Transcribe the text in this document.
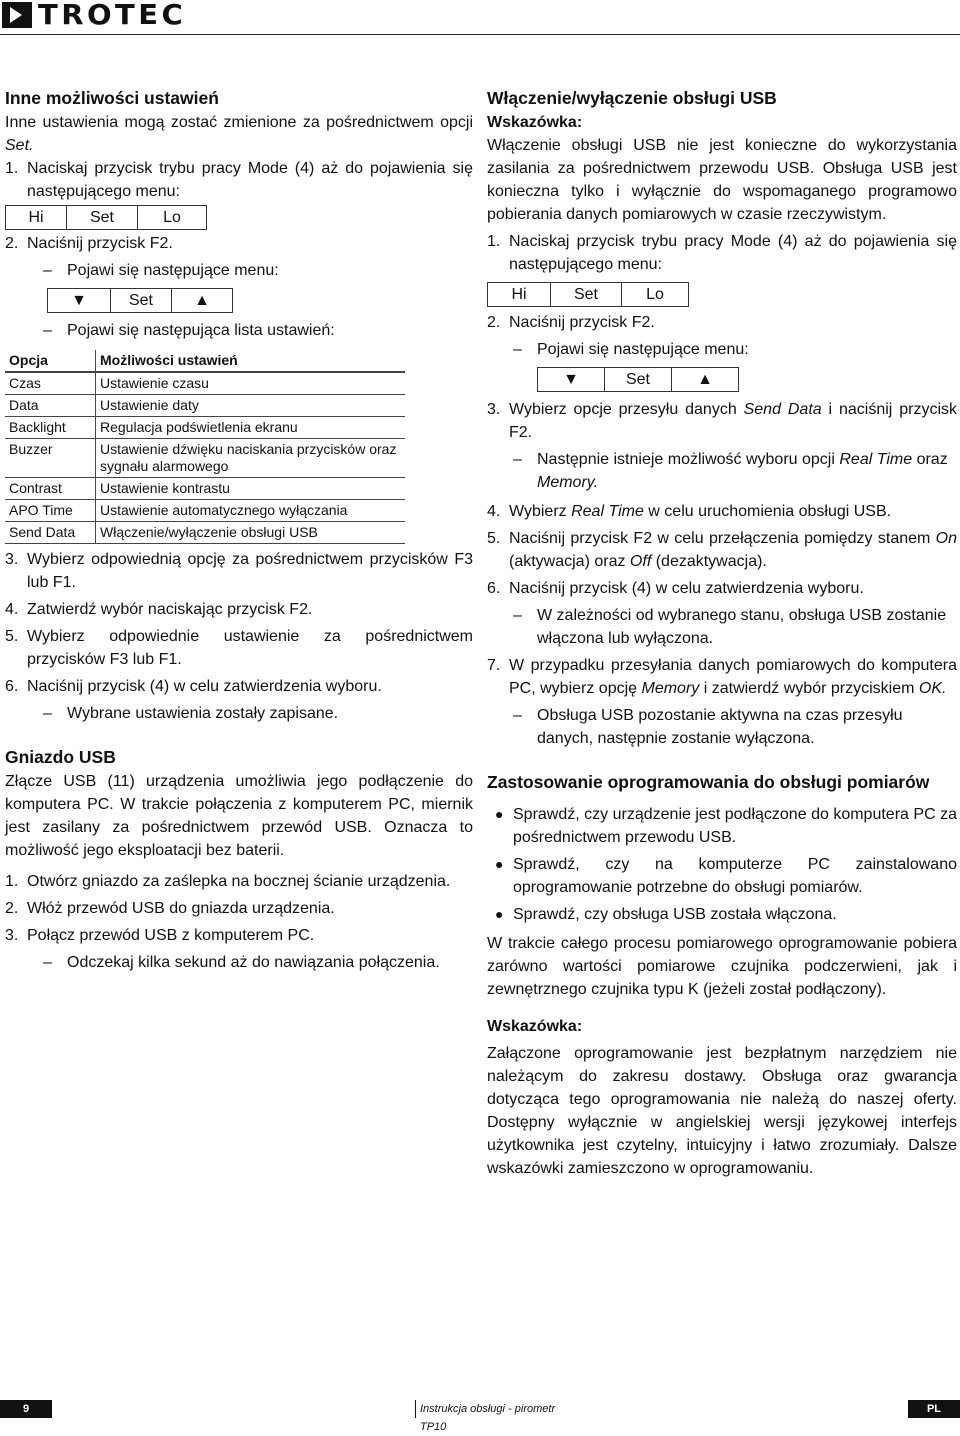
TROTEC
Inne możliwości ustawień

Inne ustawienia mogą zostać zmienione za pośrednictwem opcji Set.

1. Naciskaj przycisk trybu pracy Mode (4) aż do pojawienia się następującego menu:
Hi	Set	Lo
2. Naciśnij przycisk F2.
– Pojawi się następujące menu:
▼	Set	▲
– Pojawi się następująca lista ustawień:
Opcja	Możliwości ustawień
Czas	Ustawienie czasu
Data	Ustawienie daty
Backlight	Regulacja podświetlenia ekranu
Buzzer	Ustawienie dźwięku naciskania przycisków oraz sygnału alarmowego
Contrast	Ustawienie kontrastu
APO Time	Ustawienie automatycznego wyłączania
Send Data	Włączenie/wyłączenie obsługi USB
3. Wybierz odpowiednią opcję za pośrednictwem przycisków F3 lub F1.
4. Zatwierdź wybór naciskając przycisk F2.
5. Wybierz odpowiednie ustawienie za pośrednictwem przycisków F3 lub F1.
6. Naciśnij przycisk (4) w celu zatwierdzenia wyboru.
– Wybrane ustawienia zostały zapisane.
Gniazdo USB

Złącze USB (11) urządzenia umożliwia jego podłączenie do komputera PC. W trakcie połączenia z komputerem PC, miernik jest zasilany za pośrednictwem przewód USB. Oznacza to możliwość jego eksploatacji bez baterii.

1. Otwórz gniazdo za zaślepka na bocznej ścianie urządzenia.
2. Włóż przewód USB do gniazda urządzenia.
3. Połącz przewód USB z komputerem PC.
– Odczekaj kilka sekund aż do nawiązania połączenia.
Włączenie/wyłączenie obsługi USB
Wskazówka:

Włączenie obsługi USB nie jest konieczne do wykorzystania zasilania za pośrednictwem przewodu USB. Obsługa USB jest konieczna tylko i wyłącznie do wspomaganego programowo pobierania danych pomiarowych w czasie rzeczywistym.

1. Naciskaj przycisk trybu pracy Mode (4) aż do pojawienia się następującego menu:
Hi	Set	Lo
2. Naciśnij przycisk F2.
– Pojawi się następujące menu:
▼	Set	▲
3. Wybierz opcje przesyłu danych Send Data i naciśnij przycisk F2.
– Następnie istnieje możliwość wyboru opcji Real Time oraz Memory.
4. Wybierz Real Time w celu uruchomienia obsługi USB.
5. Naciśnij przycisk F2 w celu przełączenia pomiędzy stanem On (aktywacja) oraz Off (dezaktywacja).
6. Naciśnij przycisk (4) w celu zatwierdzenia wyboru.
– W zależności od wybranego stanu, obsługa USB zostanie włączona lub wyłączona.
7. W przypadku przesyłania danych pomiarowych do komputera PC, wybierz opcję Memory i zatwierdź wybór przyciskiem OK.
– Obsługa USB pozostanie aktywna na czas przesyłu danych, następnie zostanie wyłączona.
Zastosowanie oprogramowania do obsługi pomiarów
● Sprawdź, czy urządzenie jest podłączone do komputera PC za pośrednictwem przewodu USB.
● Sprawdź, czy na komputerze PC zainstalowano oprogramowanie potrzebne do obsługi pomiarów.
● Sprawdź, czy obsługa USB została włączona.

W trakcie całego procesu pomiarowego oprogramowanie pobiera zarówno wartości pomiarowe czujnika podczerwieni, jak i zewnętrznego czujnika typu K (jeżeli został podłączony).

Wskazówka:

Załączone oprogramowanie jest bezpłatnym narzędziem nie należącym do zakresu dostawy. Obsługa oraz gwarancja dotycząca tego oprogramowania nie należą do naszej oferty. Dostępny wyłącznie w angielskiej wersji językowej interfejs użytkownika jest czytelny, intuicyjny i łatwo zrozumiały. Dalsze wskazówki zamieszczono w oprogramowaniu.

9	Instrukcja obsługi - pirometr TP10
PL
